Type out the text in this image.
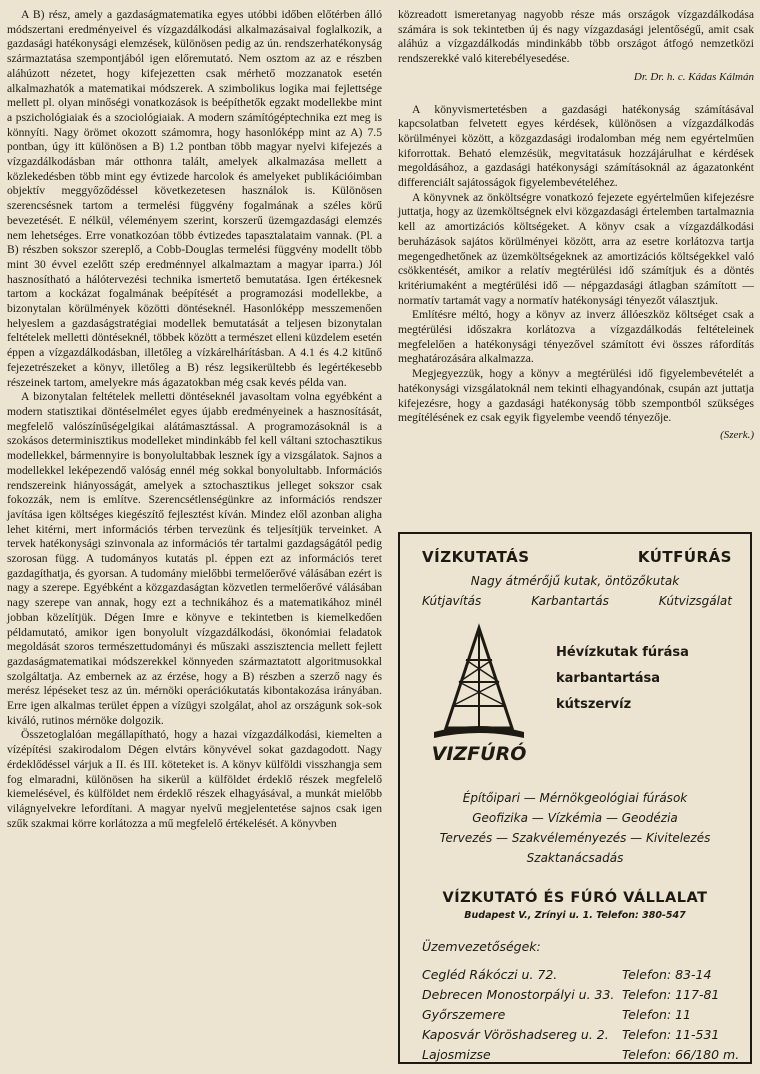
A B) rész, amely a gazdaságmatematika egyes utóbbi időben előtérben álló módszertani eredményeivel és vízgazdálkodási alkalmazásaival foglalkozik, a gazdasági hatékonysági elemzések, különösen pedig az ún. rendszerhatékonyság származtatása szempontjából igen előremutató. Nem osztom az az e részben aláhúzott nézetet, hogy kifejezetten csak mérhető mozzanatok esetén alkalmazhatók a matematikai módszerek. A szimbolikus logika mai fejlettsége mellett pl. olyan minőségi vonatkozások is beépíthetők egzakt modellekbe mint a pszichológiaiak és a szociológiaiak. A modern számítógéptechnika ezt meg is könnyíti. Nagy örömet okozott számomra, hogy hasonlóképp mint az A) 7.5 pontban, úgy itt különösen a B) 1.2 pontban több magyar nyelvi kifejezés a vízgazdálkodásban már otthonra talált, amelyek alkalmazása mellett a közlekedésben több mint egy évtizede harcolok és amelyeket publikációimban objektív meggyőződéssel következetesen használok is. Különösen szerencsésnek tartom a termelési függvény fogalmának a széles körű bevezetését. E nélkül, véleményem szerint, korszerű üzemgazdasági elemzés nem lehetséges. Erre vonatkozóan több évtizedes tapasztalataim vannak. (Pl. a B) részben sokszor szereplő, a Cobb-Douglas termelési függvény modellt több mint 30 évvel ezelőtt szép eredménnyel alkalmaztam a magyar iparra.) Jól hasznosítható a hálótervezési technika ismertető bemutatása. Igen értékesnek tartom a kockázat fogalmának beépítését a programozási modellekbe, a bizonytalan körülmények közötti döntéseknél. Hasonlóképp messzemenően helyeslem a gazdaságstratégiai modellek bemutatását a teljesen bizonytalan feltételek melletti döntéseknél, többek között a természet elleni küzdelem esetén éppen a vízgazdálkodásban, illetőleg a vízkárelhárításban. A 4.1 és 4.2 kitűnő fejezetrészeket a könyv, illetőleg a B) rész legsikerültebb és legértékesebb részeinek tartom, amelyekre más ágazatokban még csak kevés példa van.

A bizonytalan feltételek melletti döntéseknél javasoltam volna egyébként a modern statisztikai döntéselmélet egyes újabb eredményeinek a hasznosítását, megfelelő valószínűségelgikai alátámasztással. A programozásoknál is a szokásos determinisztikus modelleket mindinkább fel kell váltani sztochasztikus modellekkel, bármennyire is bonyolultabbak lesznek így a vizsgálatok. Sajnos a modellekkel leképezendő valóság ennél még sokkal bonyolultabb. Információs rendszereink hiányosságát, amelyek a sztochasztikus jelleget sokszor csak fokozzák, nem is említve. Szerencsétlenségünkre az információs rendszer javítása igen költséges kiegészítő fejlesztést kíván. Mindez elől azonban aligha lehet kitérni, mert információs térben tervezünk és teljesítjük terveinket. A tervek hatékonysági szinvonala az információs tér tartalmi gazdagságától pedig szorosan függ. A tudományos kutatás pl. éppen ezt az információs teret gazdagíthatja, és gyorsan. A tudomány mielőbbi termelőerővé válásában ezért is nagy a szerepe. Egyébként a közgazdaságtan közvetlen termelőerővé válásában nagy szerepe van annak, hogy ezt a technikához és a matematikához minél jobban közelítjük. Dégen Imre e könyve e tekintetben is kiemelkedően példamutató, amikor igen bonyolult vízgazdálkodási, ökonómiai feladatok megoldását szoros természettudományi és műszaki asszisztencia mellett fejlett gazdaságmatematikai módszerekkel könnyeden származtatott algoritmusokkal szolgáltatja. Az embernek az az érzése, hogy a B) részben a szerző nagy és merész lépéseket tesz az ún. mérnöki operációkutatás kibontakozása irányában. Erre igen alkalmas terület éppen a vízügyi szolgálat, ahol az országunk sok-sok kiváló, rutinos mérnöke dolgozik.

Összetoglalóan megállapítható, hogy a hazai vízgazdálkodási, kiemelten a vízépítési szakirodalom Dégen elvtárs könyvével sokat gazdagodott. Nagy érdeklődéssel várjuk a II. és III. köteteket is. A könyv külföldi visszhangja sem fog elmaradni, különösen ha sikerül a külföldet érdeklő részek megfelelő kiemelésével, és külföldet nem érdeklő részek elhagyásával, a munkát mielőbb világnyelvekre lefordítani. A magyar nyelvű megjelentetése sajnos csak igen szűk szakmai körre korlátozza a mű megfelelő értékelését. A könyvben

közreadott ismeretanyag nagyobb része más országok vízgazdálkodása számára is sok tekintetben új és nagy vízgazdasági jelentőségű, amit csak aláhúz a vízgazdálkodás mindinkább több országot átfogó nemzetközi rendszerekké való kiterebélyesedése.

Dr. Dr. h. c. Kádas Kálmán

A könyvismertetésben a gazdasági hatékonyság számításával kapcsolatban felvetett egyes kérdések, különösen a vízgazdálkodás körülményei között, a közgazdasági irodalomban még nem egyértelműen kiforrottak. Beható elemzésük, megvitatásuk hozzájárulhat e kérdések megoldásához, a gazdasági hatékonysági számításoknál az ágazatonként differenciált sajátosságok figyelembevételéhez.

A könyvnek az önköltségre vonatkozó fejezete egyértelműen kifejezésre juttatja, hogy az üzemköltségnek elvi közgazdasági értelemben tartalmaznia kell az amortizációs költségeket. A könyv csak a vízgazdálkodási beruházások sajátos körülményei között, arra az esetre korlátozva tartja megengedhetőnek az üzemköltségeknek az amortizációs költségekkel való csökkentését, amikor a relatív megtérülési idő számítjuk és a döntés kritériumaként a megtérülési idő — népgazdasági átlagban számított — normatív tartamát vagy a normatív hatékonysági tényezőt választjuk.

Említésre méltó, hogy a könyv az inverz állóeszköz költséget csak a megtérülési időszakra korlátozva a vízgazdálkodás feltételeinek megfelelően a hatékonysági tényezővel számított évi összes ráfordítás meghatározására alkalmazza.

Megjegyezzük, hogy a könyv a megtérülési idő figyelembevételét a hatékonysági vizsgálatoknál nem tekinti elhagyandónak, csupán azt juttatja kifejezésre, hogy a gazdasági hatékonyság több szempontból szükséges megítélésének ez csak egyik figyelembe veendő tényezője.

(Szerk.)
VÍZKUTATÁS	KÚTFÚRÁS
Nagy átmérőjű kutak, öntözőkutak
Kútjavítás	Karbantartás	Kútvizsgálat
VIZFÚRÓ
Hévízkutak fúrása
karbantartása
kútszervíz
Építőipari — Mérnökgeológiai fúrások
Geofizika — Vízkémia — Geodézia
Tervezés — Szakvéleményezés — Kivitelezés
Szaktanácsadás
VÍZKUTATÓ ÉS FÚRÓ VÁLLALAT
Budapest V., Zrínyi u. 1. Telefon: 380-547
Üzemvezetőségek:
Cegléd Rákóczi u. 72.	Telefon: 83-14
Debrecen Monostorpályi u. 33.	Telefon: 117-81
Győrszemere	Telefon: 11
Kaposvár Vöröshadsereg u. 2.	Telefon: 11-531
Lajosmizse	Telefon: 66/180 m.
